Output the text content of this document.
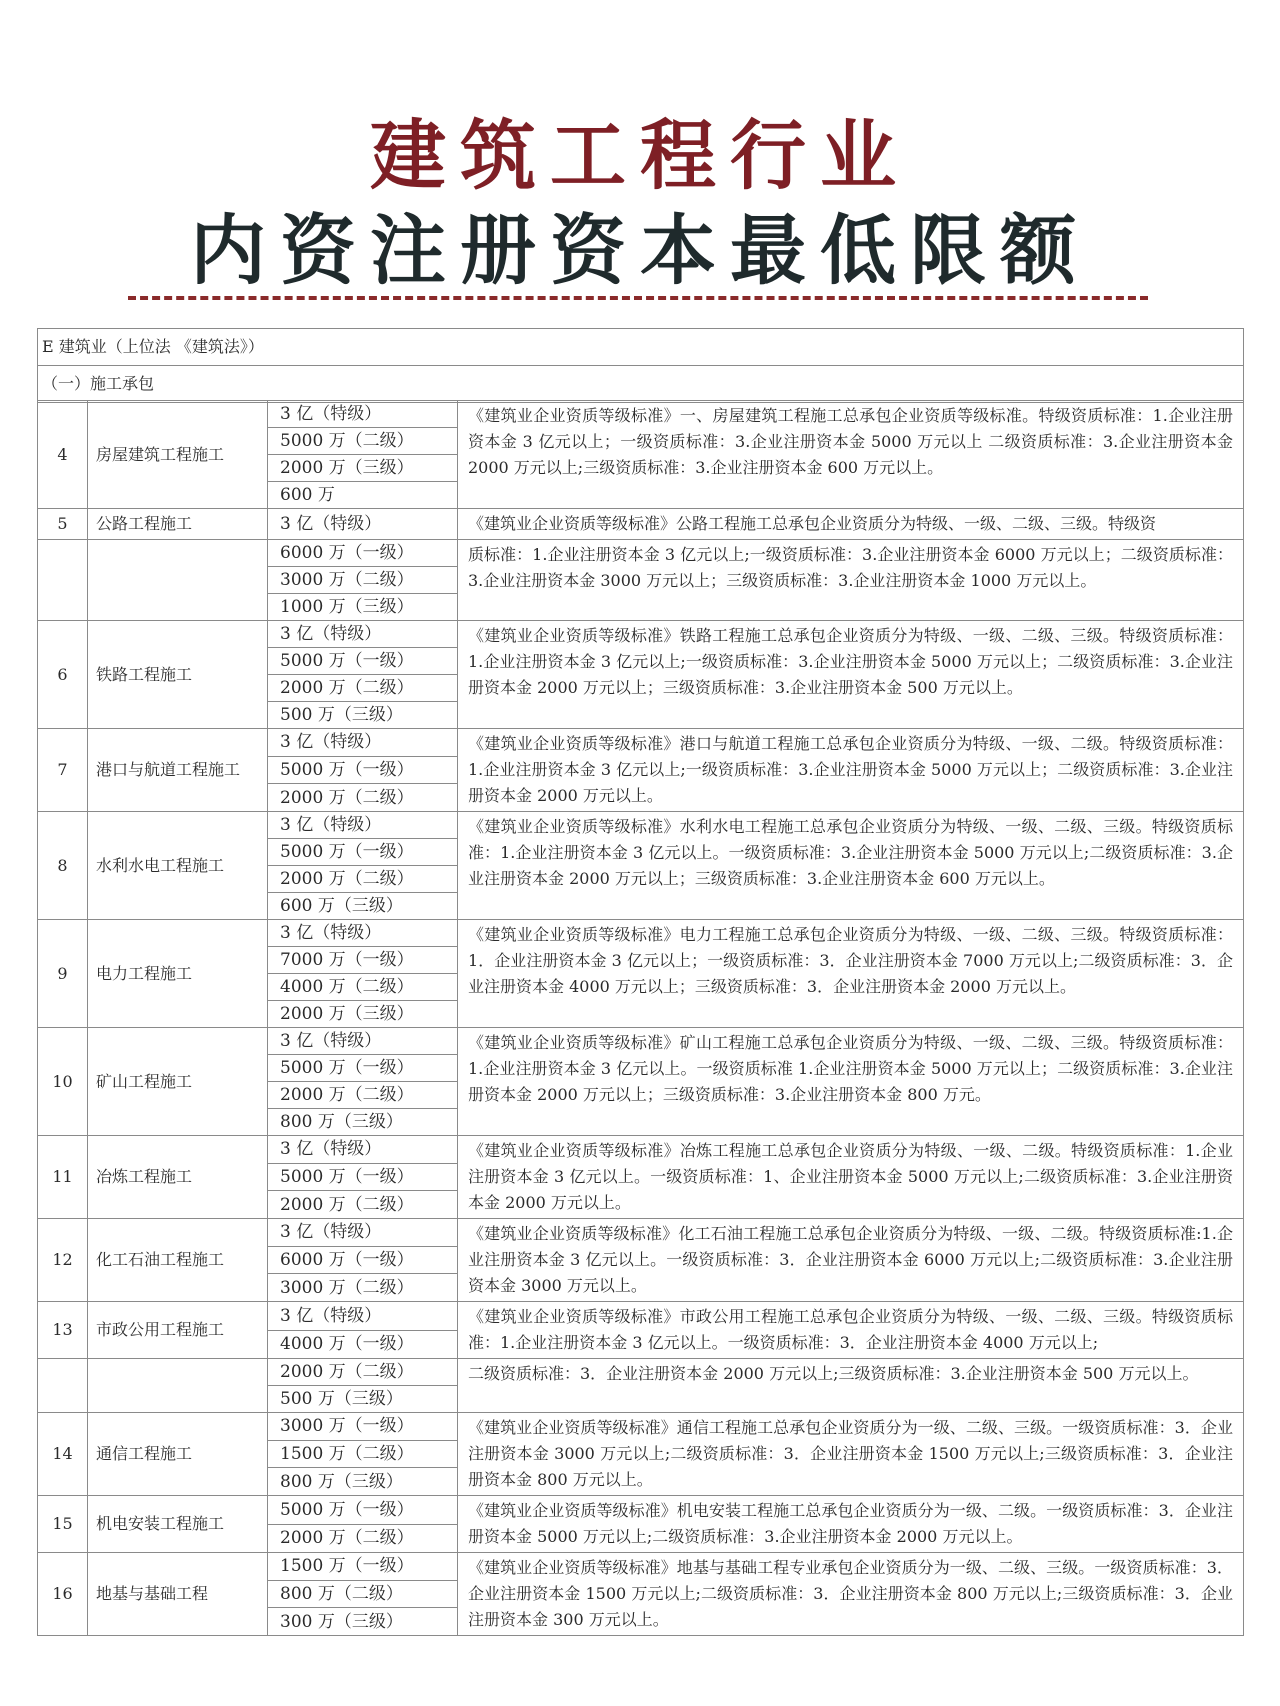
建筑工程行业
内资注册资本最低限额
E 建筑业（上位法 《建筑法》）
（一）施工承包
4	房屋建筑工程施工	3 亿（特级）	《建筑业企业资质等级标准》一、房屋建筑工程施工总承包企业资质等级标准。特级资质标准：1.企业注册资本金 3 亿元以上；一级资质标准：3.企业注册资本金 5000 万元以上 二级资质标准：3.企业注册资本金 2000 万元以上;三级资质标准：3.企业注册资本金 600 万元以上。
		5000 万（二级）	
		2000 万（三级）	
		600 万	
5	公路工程施工	3 亿（特级）	《建筑业企业资质等级标准》公路工程施工总承包企业资质分为特级、一级、二级、三级。特级资
		6000 万（一级）	质标准：1.企业注册资本金 3 亿元以上;一级资质标准：3.企业注册资本金 6000 万元以上；二级资质标准：3.企业注册资本金 3000 万元以上；三级资质标准：3.企业注册资本金 1000 万元以上。
		3000 万（二级）	
		1000 万（三级）	
6	铁路工程施工	3 亿（特级）	《建筑业企业资质等级标准》铁路工程施工总承包企业资质分为特级、一级、二级、三级。特级资质标准：1.企业注册资本金 3 亿元以上;一级资质标准：3.企业注册资本金 5000 万元以上；二级资质标准：3.企业注册资本金 2000 万元以上；三级资质标准：3.企业注册资本金 500 万元以上。
		5000 万（一级）	
		2000 万（二级）	
		500 万（三级）	
7	港口与航道工程施工	3 亿（特级）	《建筑业企业资质等级标准》港口与航道工程施工总承包企业资质分为特级、一级、二级。特级资质标准：1.企业注册资本金 3 亿元以上;一级资质标准：3.企业注册资本金 5000 万元以上；二级资质标准：3.企业注册资本金 2000 万元以上。
		5000 万（一级）	
		2000 万（二级）	
8	水利水电工程施工	3 亿（特级）	《建筑业企业资质等级标准》水利水电工程施工总承包企业资质分为特级、一级、二级、三级。特级资质标准：1.企业注册资本金 3 亿元以上。一级资质标准：3.企业注册资本金 5000 万元以上;二级资质标准：3.企业注册资本金 2000 万元以上；三级资质标准：3.企业注册资本金 600 万元以上。
		5000 万（一级）	
		2000 万（二级）	
		600 万（三级）	
9	电力工程施工	3 亿（特级）	《建筑业企业资质等级标准》电力工程施工总承包企业资质分为特级、一级、二级、三级。特级资质标准：1．企业注册资本金 3 亿元以上；一级资质标准：3．企业注册资本金 7000 万元以上;二级资质标准：3．企业注册资本金 4000 万元以上；三级资质标准：3．企业注册资本金 2000 万元以上。
		7000 万（一级）	
		4000 万（二级）	
		2000 万（三级）	
10	矿山工程施工	3 亿（特级）	《建筑业企业资质等级标准》矿山工程施工总承包企业资质分为特级、一级、二级、三级。特级资质标准：1.企业注册资本金 3 亿元以上。一级资质标准 1.企业注册资本金 5000 万元以上；二级资质标准：3.企业注册资本金 2000 万元以上；三级资质标准：3.企业注册资本金 800 万元。
		5000 万（一级）	
		2000 万（二级）	
		800 万（三级）	
11	冶炼工程施工	3 亿（特级）	《建筑业企业资质等级标准》冶炼工程施工总承包企业资质分为特级、一级、二级。特级资质标准：1.企业注册资本金 3 亿元以上。一级资质标准：1、企业注册资本金 5000 万元以上;二级资质标准：3.企业注册资本金 2000 万元以上。
		5000 万（一级）	
		2000 万（二级）	
12	化工石油工程施工	3 亿（特级）	《建筑业企业资质等级标准》化工石油工程施工总承包企业资质分为特级、一级、二级。特级资质标准:1.企业注册资本金 3 亿元以上。一级资质标准：3．企业注册资本金 6000 万元以上;二级资质标准：3.企业注册资本金 3000 万元以上。
		6000 万（一级）	
		3000 万（二级）	
13	市政公用工程施工	3 亿（特级）	《建筑业企业资质等级标准》市政公用工程施工总承包企业资质分为特级、一级、二级、三级。特级资质标准：1.企业注册资本金 3 亿元以上。一级资质标准：3．企业注册资本金 4000 万元以上;
		4000 万（一级）	
		2000 万（二级）	二级资质标准：3．企业注册资本金 2000 万元以上;三级资质标准：3.企业注册资本金 500 万元以上。
		500 万（三级）	
14	通信工程施工	3000 万（一级）	《建筑业企业资质等级标准》通信工程施工总承包企业资质分为一级、二级、三级。一级资质标准：3．企业注册资本金 3000 万元以上;二级资质标准：3．企业注册资本金 1500 万元以上;三级资质标准：3．企业注册资本金 800 万元以上。
		1500 万（二级）	
		800 万（三级）	
15	机电安装工程施工	5000 万（一级）	《建筑业企业资质等级标准》机电安装工程施工总承包企业资质分为一级、二级。一级资质标准：3．企业注册资本金 5000 万元以上;二级资质标准：3.企业注册资本金 2000 万元以上。
		2000 万（二级）	
16	地基与基础工程	1500 万（一级）	《建筑业企业资质等级标准》地基与基础工程专业承包企业资质分为一级、二级、三级。一级资质标准：3．企业注册资本金 1500 万元以上;二级资质标准：3．企业注册资本金 800 万元以上;三级资质标准：3．企业注册资本金 300 万元以上。
		800 万（二级）	
		300 万（三级）	
